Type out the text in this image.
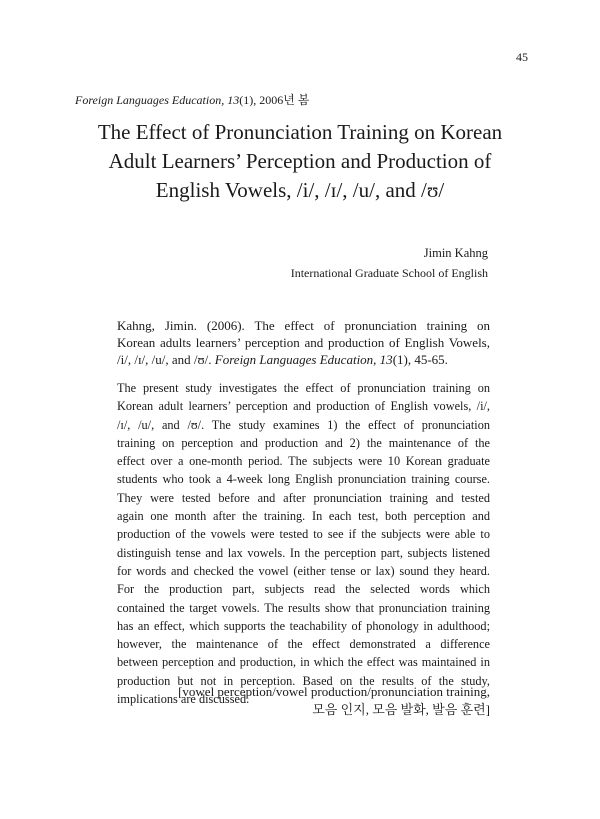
45
Foreign Languages Education, 13(1), 2006년 봄
The Effect of Pronunciation Training on Korean
Adult Learners’ Perception and Production of
English Vowels, /i/, /ɪ/, /u/, and /ʊ/
Jimin Kahng
International Graduate School of English
Kahng, Jimin. (2006). The effect of pronunciation training on
Korean adults learners’ perception and production of English Vowels,
/i/, /ɪ/, /u/, and /ʊ/. Foreign Languages Education, 13(1), 45-65.
The present study investigates the effect of pronunciation training on
Korean adult learners’ perception and production of English vowels, /i/,
/ɪ/, /u/, and /ʊ/. The study examines 1) the effect of pronunciation
training on perception and production and 2) the maintenance of the
effect over a one-month period. The subjects were 10 Korean graduate
students who took a 4-week long English pronunciation training course.
They were tested before and after pronunciation training and tested
again one month after the training. In each test, both perception and
production of the vowels were tested to see if the subjects were able to
distinguish tense and lax vowels. In the perception part, subjects listened
for words and checked the vowel (either tense or lax) sound they heard.
For the production part, subjects read the selected words which
contained the target vowels. The results show that pronunciation training
has an effect, which supports the teachability of phonology in adulthood;
however, the maintenance of the effect demonstrated a difference
between perception and production, in which the effect was maintained in
production but not in perception. Based on the results of the study,
implications are discussed.
[vowel perception/vowel production/pronunciation training,
모음 인지, 모음 발화, 발음 훈련]
